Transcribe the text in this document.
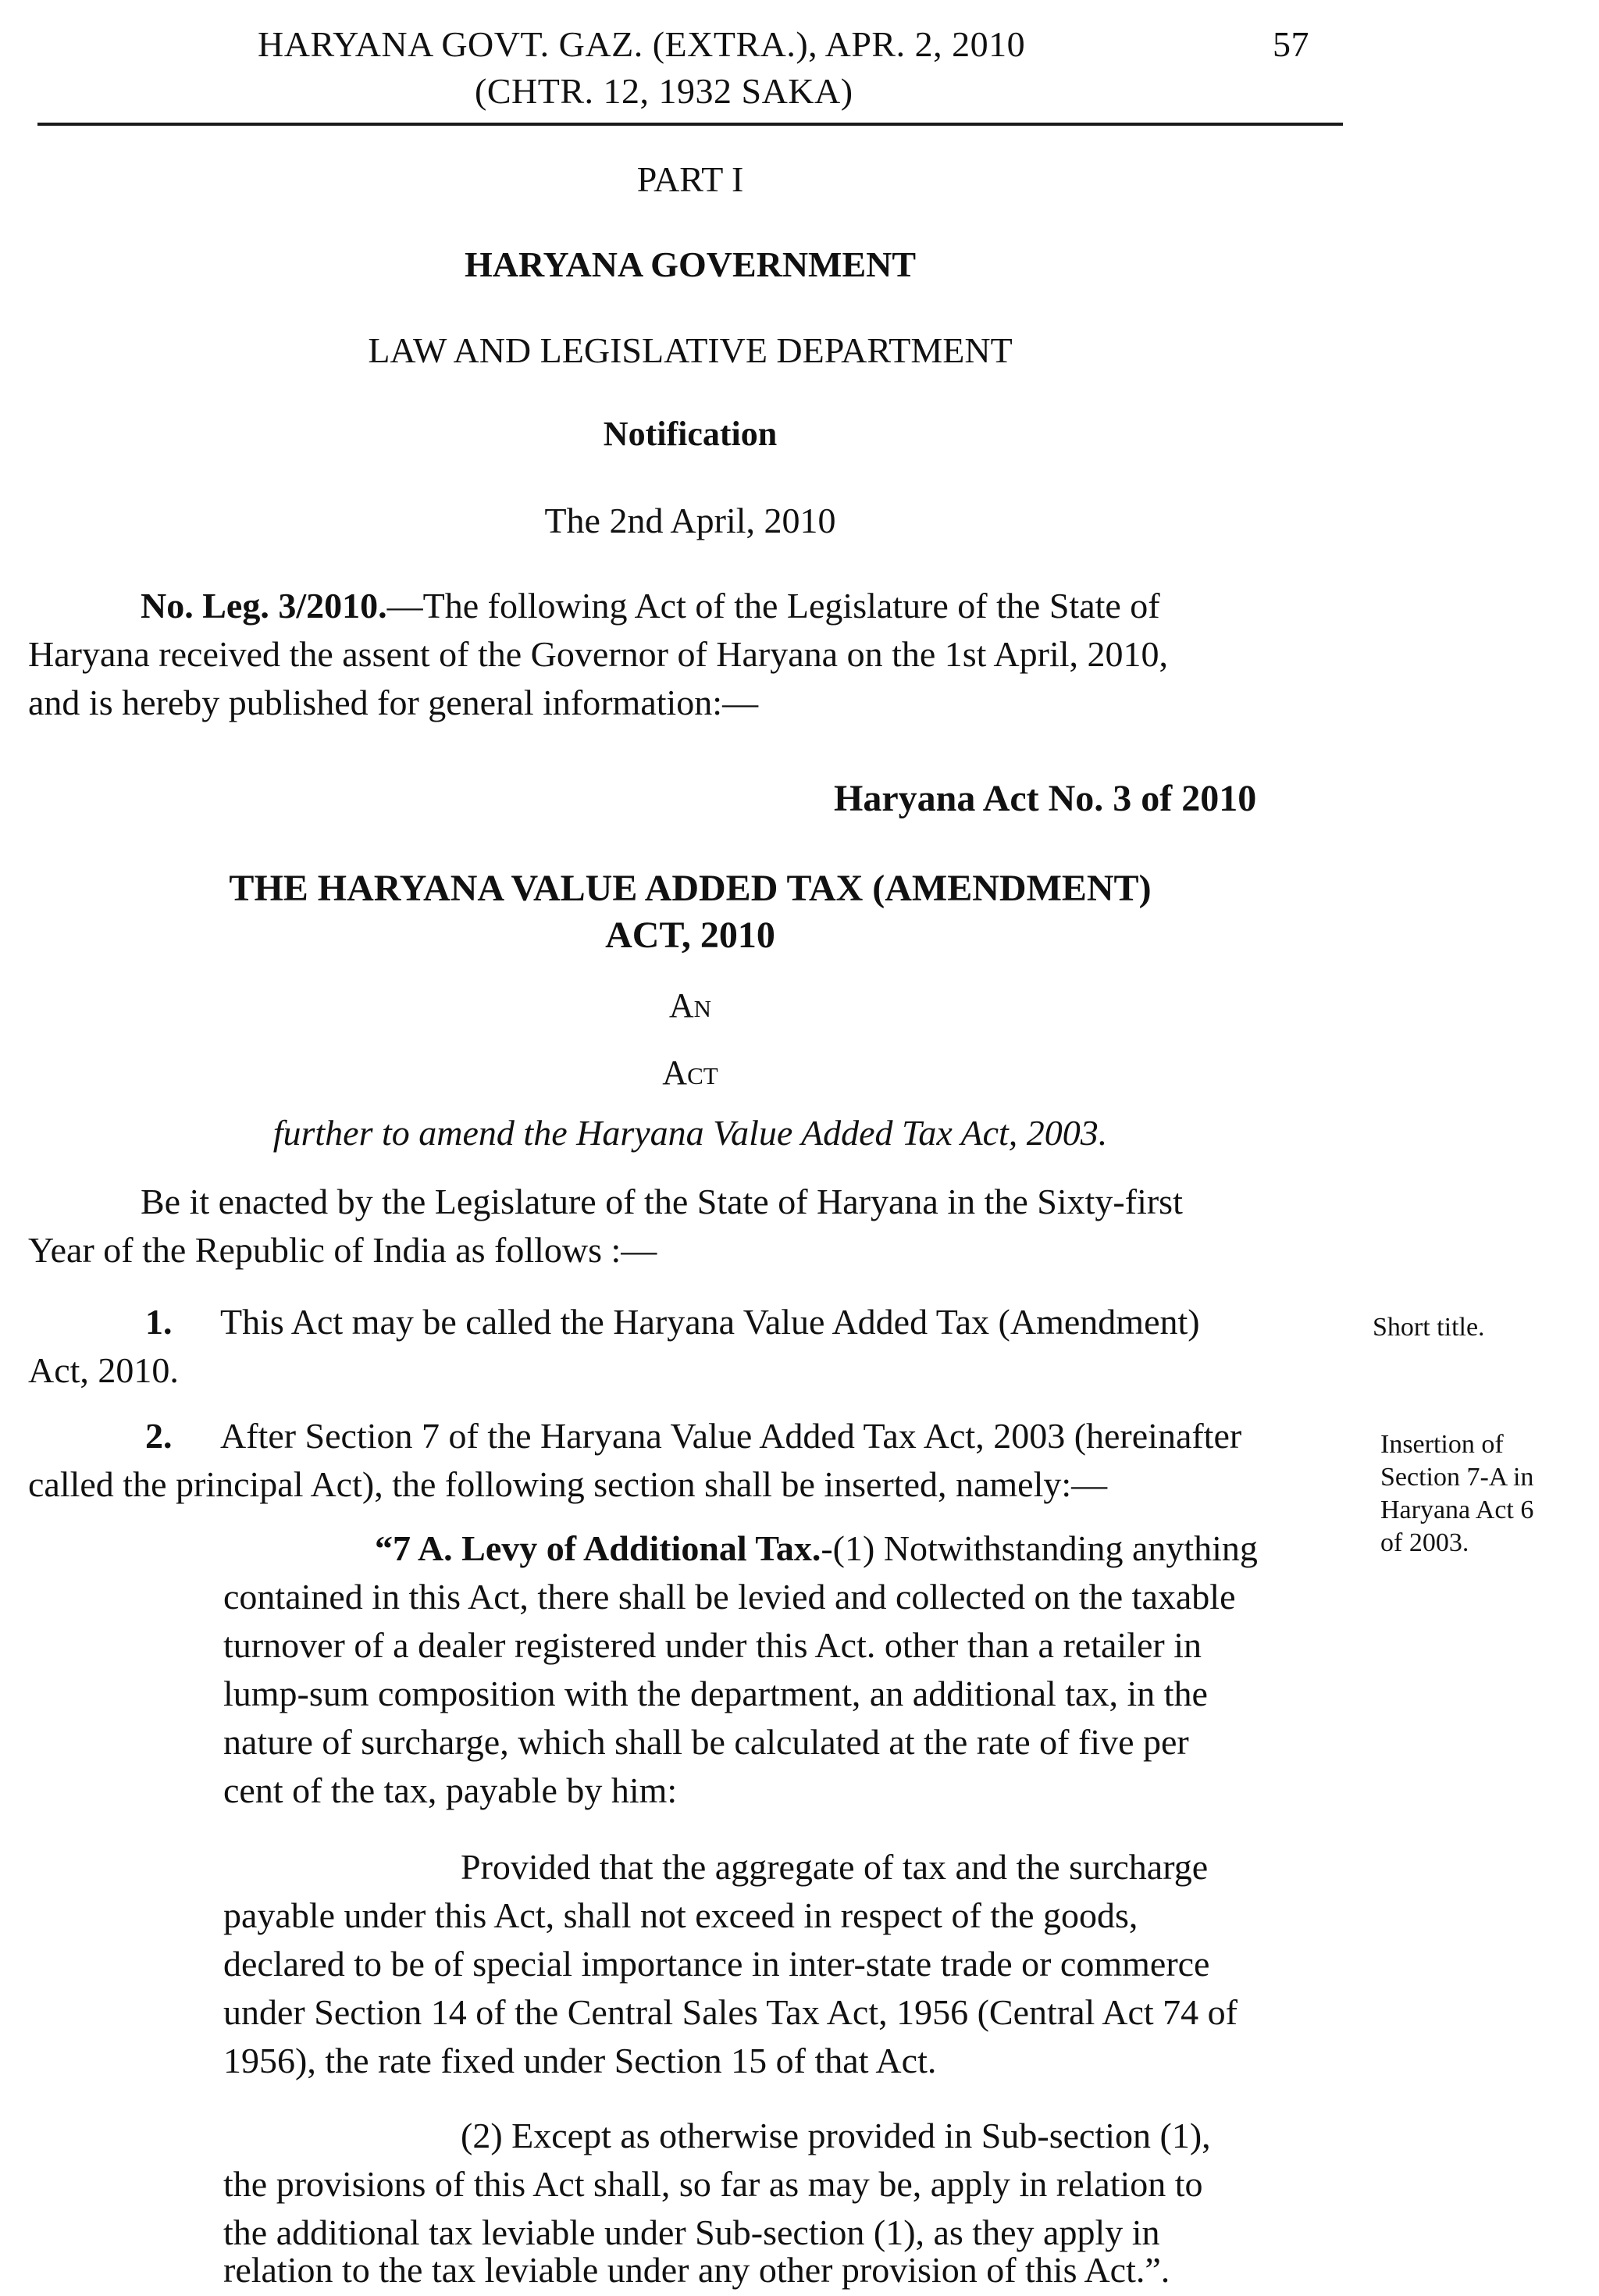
HARYANA GOVT. GAZ. (EXTRA.), APR. 2, 2010	57
(CHTR. 12, 1932 SAKA)
PART I
HARYANA GOVERNMENT
LAW AND LEGISLATIVE DEPARTMENT
Notification
The 2nd April, 2010
No. Leg. 3/2010.—The following Act of the Legislature of the State of
Haryana received the assent of the Governor of Haryana on the 1st April, 2010,
and is hereby published for general information:—
Haryana Act No. 3 of 2010
THE HARYANA VALUE ADDED TAX (AMENDMENT)
ACT, 2010
An
Act
further to amend the Haryana Value Added Tax Act, 2003.
Be it enacted by the Legislature of the State of Haryana in the Sixty-first
Year of the Republic of India as follows :—
1. This Act may be called the Haryana Value Added Tax (Amendment)
Act, 2010.
Short title.
2. After Section 7 of the Haryana Value Added Tax Act, 2003 (hereinafter
called the principal Act), the following section shall be inserted, namely:—
Insertion of
Section 7-A in
Haryana Act 6
of 2003.
“7 A. Levy of Additional Tax.-(1) Notwithstanding anything
contained in this Act, there shall be levied and collected on the taxable
turnover of a dealer registered under this Act. other than a retailer in
lump-sum composition with the department, an additional tax, in the
nature of surcharge, which shall be calculated at the rate of five per
cent of the tax, payable by him:
Provided that the aggregate of tax and the surcharge
payable under this Act, shall not exceed in respect of the goods,
declared to be of special importance in inter-state trade or commerce
under Section 14 of the Central Sales Tax Act, 1956 (Central Act 74 of
1956), the rate fixed under Section 15 of that Act.
(2) Except as otherwise provided in Sub-section (1),
the provisions of this Act shall, so far as may be, apply in relation to
the additional tax leviable under Sub-section (1), as they apply in
relation to the tax leviable under any other provision of this Act.”.
